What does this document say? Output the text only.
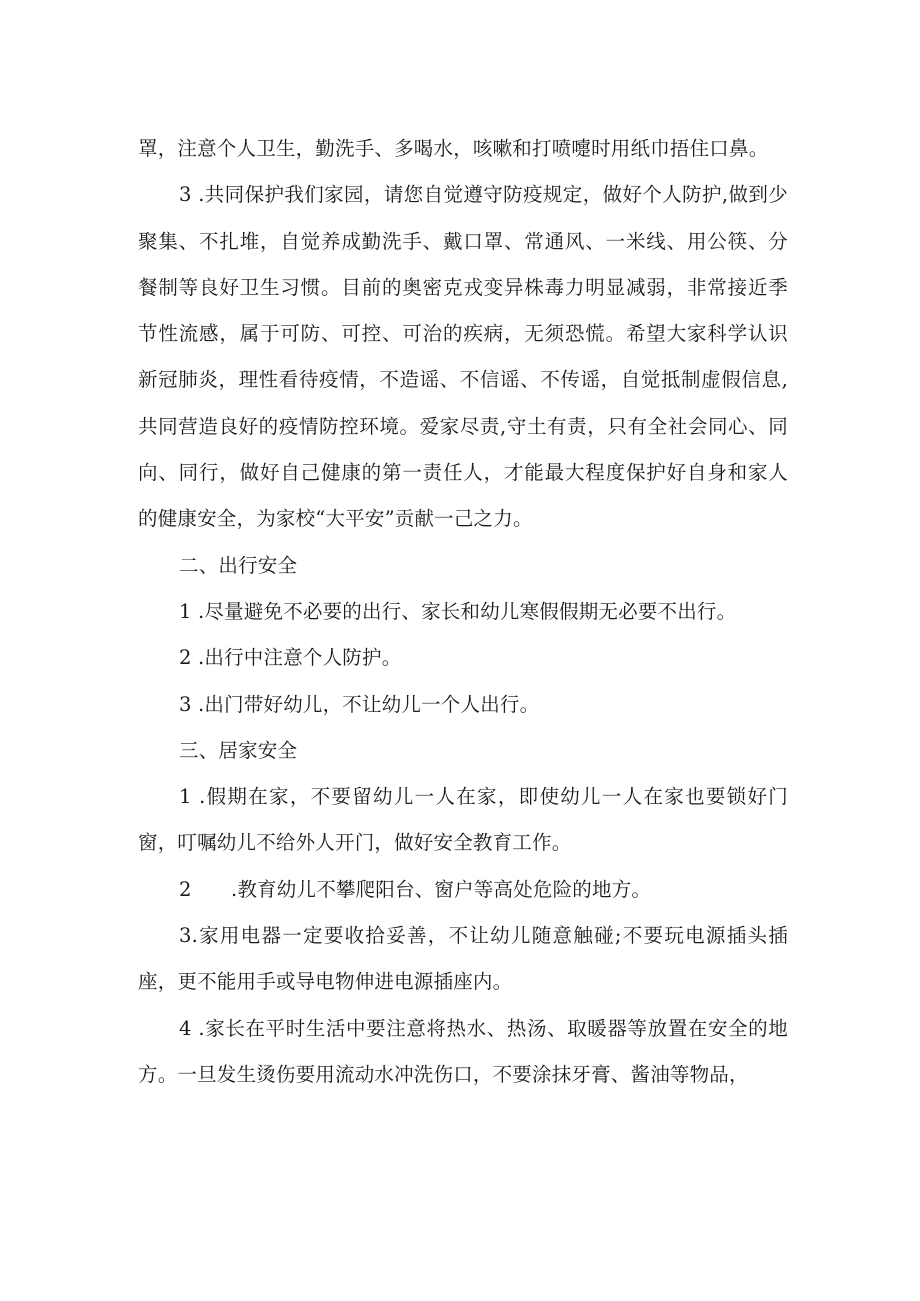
罩，注意个人卫生，勤洗手、多喝水，咳嗽和打喷嚏时用纸巾捂住口鼻。

3 .共同保护我们家园，请您自觉遵守防疫规定，做好个人防护,做到少聚集、不扎堆，自觉养成勤洗手、戴口罩、常通风、一米线、用公筷、分餐制等良好卫生习惯。目前的奥密克戎变异株毒力明显减弱，非常接近季节性流感，属于可防、可控、可治的疾病，无须恐慌。希望大家科学认识新冠肺炎，理性看待疫情，不造谣、不信谣、不传谣，自觉抵制虚假信息,共同营造良好的疫情防控环境。爱家尽责,守土有责，只有全社会同心、同向、同行，做好自己健康的第一责任人，才能最大程度保护好自身和家人的健康安全，为家校“大平安”贡献一己之力。

二、出行安全

1 .尽量避免不必要的出行、家长和幼儿寒假假期无必要不出行。

2 .出行中注意个人防护。

3 .出门带好幼儿，不让幼儿一个人出行。

三、居家安全

1 .假期在家，不要留幼儿一人在家，即使幼儿一人在家也要锁好门窗，叮嘱幼儿不给外人开门，做好安全教育工作。

2　　.教育幼儿不攀爬阳台、窗户等高处危险的地方。

3.家用电器一定要收拾妥善，不让幼儿随意触碰;不要玩电源插头插座，更不能用手或导电物伸进电源插座内。

4 .家长在平时生活中要注意将热水、热汤、取暖器等放置在安全的地方。一旦发生烫伤要用流动水冲洗伤口，不要涂抹牙膏、酱油等物品，
